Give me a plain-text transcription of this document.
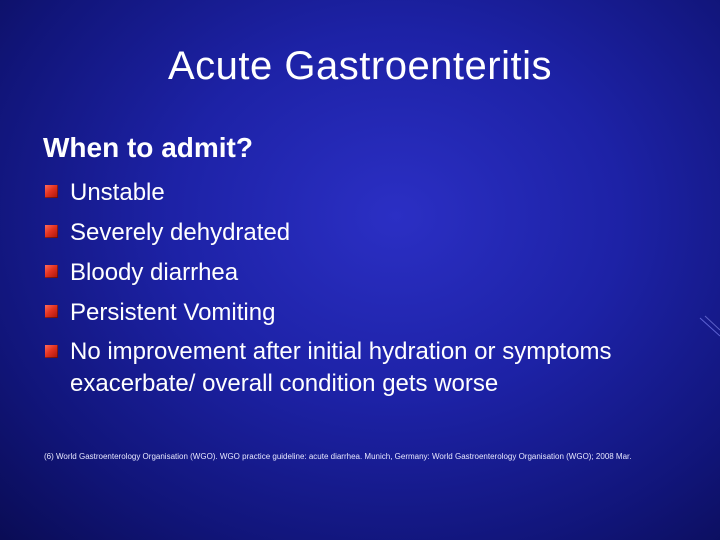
Acute Gastroenteritis
When to admit?
Unstable
Severely dehydrated
Bloody diarrhea
Persistent Vomiting
No improvement after initial hydration or symptoms exacerbate/ overall condition gets worse
(6) World Gastroenterology Organisation (WGO). WGO practice guideline: acute diarrhea. Munich, Germany: World Gastroenterology Organisation (WGO); 2008 Mar.
